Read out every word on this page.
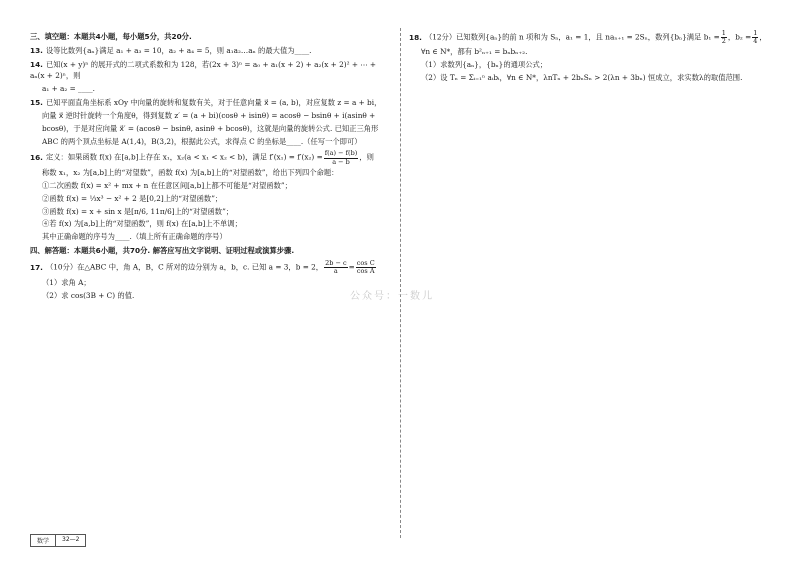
三、填空题：本题共4小题，每小题5分，共20分.
13. 设等比数列{aₙ}满足 a₁ + a₃ = 10，a₂ + a₄ = 5，则 a₁a₂…aₙ 的最大值为____.
14. 已知(x + y)ⁿ 的展开式的二项式系数和为 128，若(2x + 3)ⁿ = a₀ + a₁(x + 2) + a₂(x + 2)² + ⋯ + aₙ(x + 2)ⁿ，则
a₁ + a₂ = ____.
15. 已知平面直角坐标系 xOy 中向量的旋转和复数有关，对于任意向量 x⃗ = (a, b)，对应复数 z = a + bi，
向量 x⃗ 逆时针旋转一个角度θ，得到复数 z′ = (a + bi)(cosθ + isinθ) = acosθ − bsinθ + i(asinθ +
bcosθ)，于是对应向量 x⃗′ = (acosθ − bsinθ, asinθ + bcosθ)，这就是向量的旋转公式. 已知正三角形
ABC 的两个顶点坐标是 A(1,4)，B(3,2)，根据此公式，求得点 C 的坐标是____.（任写一个即可）
16. 定义：如果函数 f(x) 在[a,b]上存在 x₁，x₂(a < x₁ < x₂ < b)，满足 $f'(x_1) = f'(x_2) = \frac{f(a) - f(b)}{a - b}$ ，则
称数 x₁，x₂ 为[a,b]上的“对望数”，函数 f(x) 为[a,b]上的“对望函数”，给出下列四个命题：
①二次函数 f(x) = x² + mx + n 在任意区间[a,b]上都不可能是“对望函数”；
②函数 f(x) = ⅓x³ − x² + 2 是[0,2]上的“对望函数”；
③函数 f(x) = x + sin x 是[π/6, 11π/6]上的“对望函数”；
④若 f(x) 为[a,b]上的“对望函数”，则 f(x) 在[a,b]上不单调；
其中正确命题的序号为____.（填上所有正确命题的序号）
四、解答题：本题共6小题，共70分. 解答应写出文字说明、证明过程或演算步骤.
17. （10分）在△ABC 中，角 A，B，C 所对的边分别为 a，b，c. 已知 a = 3，b = 2， $\frac{2b - c}{a} = \frac{\text{cos C}}{\text{cos A}}$
（1）求角 A；
（2）求 cos(3B + C) 的值.
18. （12分）已知数列{aₙ}的前 n 项和为 Sₙ，a₁ = 1，且 naₙ₊₁ = 2Sₙ，数列{bₙ}满足 $b_1 = \frac{1}{2}$ ，$b_2 = \frac{1}{4}$ ，
∀n ∈ N*，都有 b²ₙ₊₁ = bₙbₙ₊₂.
（1）求数列{aₙ}，{bₙ}的通项公式；
（2）设 Tₙ = Σᵢ₌₁ⁿ aᵢbᵢ，∀n ∈ N*，λnTₙ + 2bₙSₙ > 2(λn + 3bₙ) 恒成立，求实数λ的取值范围.
公众号：一数儿
数学	32—2
